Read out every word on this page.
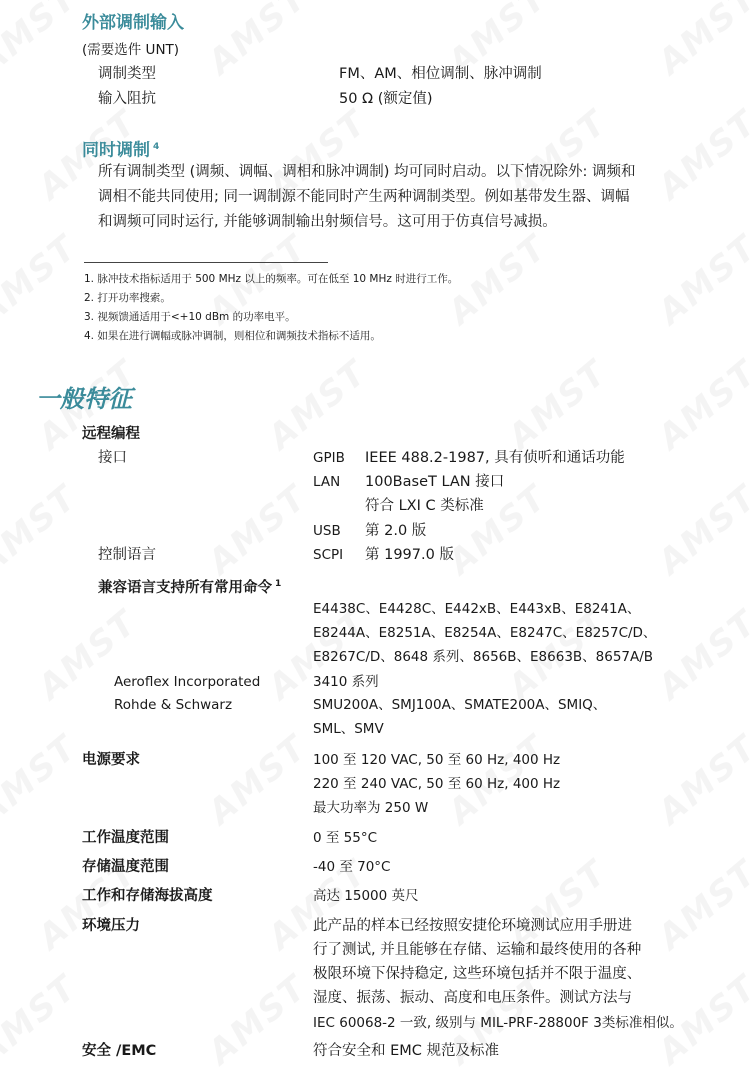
外部调制输入
(需要选件 UNT)
调制类型	FM、AM、相位调制、脉冲调制
输入阻抗	50 Ω (额定值)
同时调制 $^4$
所有调制类型 (调频、调幅、调相和脉冲调制) 均可同时启动。以下情况除外: 调频和
调相不能共同使用; 同一调制源不能同时产生两种调制类型。例如基带发生器、调幅
和调频可同时运行, 并能够调制输出射频信号。这可用于仿真信号减损。
1. 脉冲技术指标适用于 500 MHz 以上的频率。可在低至 10 MHz 时进行工作。
2. 打开功率搜索。
3. 视频馈通适用于<+10 dBm 的功率电平。
4. 如果在进行调幅或脉冲调制，则相位和调频技术指标不适用。
一般特征
远程编程
接口	GPIB IEEE 488.2-1987, 具有侦听和通话功能
LAN 100BaseT LAN 接口
符合 LXI C 类标准
USB 第 2.0 版
控制语言	SCPI 第 1997.0 版
兼容语言支持所有常用命令 $^1$
E4438C、E4428C、E442xB、E443xB、E8241A、
E8244A、E8251A、E8254A、E8247C、E8257C/D、
E8267C/D、8648 系列、8656B、E8663B、8657A/B
Aeroflex Incorporated	3410 系列
Rohde & Schwarz	SMU200A、SMJ100A、SMATE200A、SMIQ、
SML、SMV
电源要求	100 至 120 VAC, 50 至 60 Hz, 400 Hz
220 至 240 VAC, 50 至 60 Hz, 400 Hz
最大功率为 250 W
工作温度范围	0 至 55°C
存储温度范围	-40 至 70°C
工作和存储海拔高度	高达 15000 英尺
环境压力	此产品的样本已经按照安捷伦环境测试应用手册进
行了测试, 并且能够在存储、运输和最终使用的各种
极限环境下保持稳定, 这些环境包括并不限于温度、
湿度、振荡、振动、高度和电压条件。测试方法与
IEC 60068-2 一致, 级别与 MIL-PRF-28800F 3类标准相似。
安全 /EMC	符合安全和 EMC 规范及标准
